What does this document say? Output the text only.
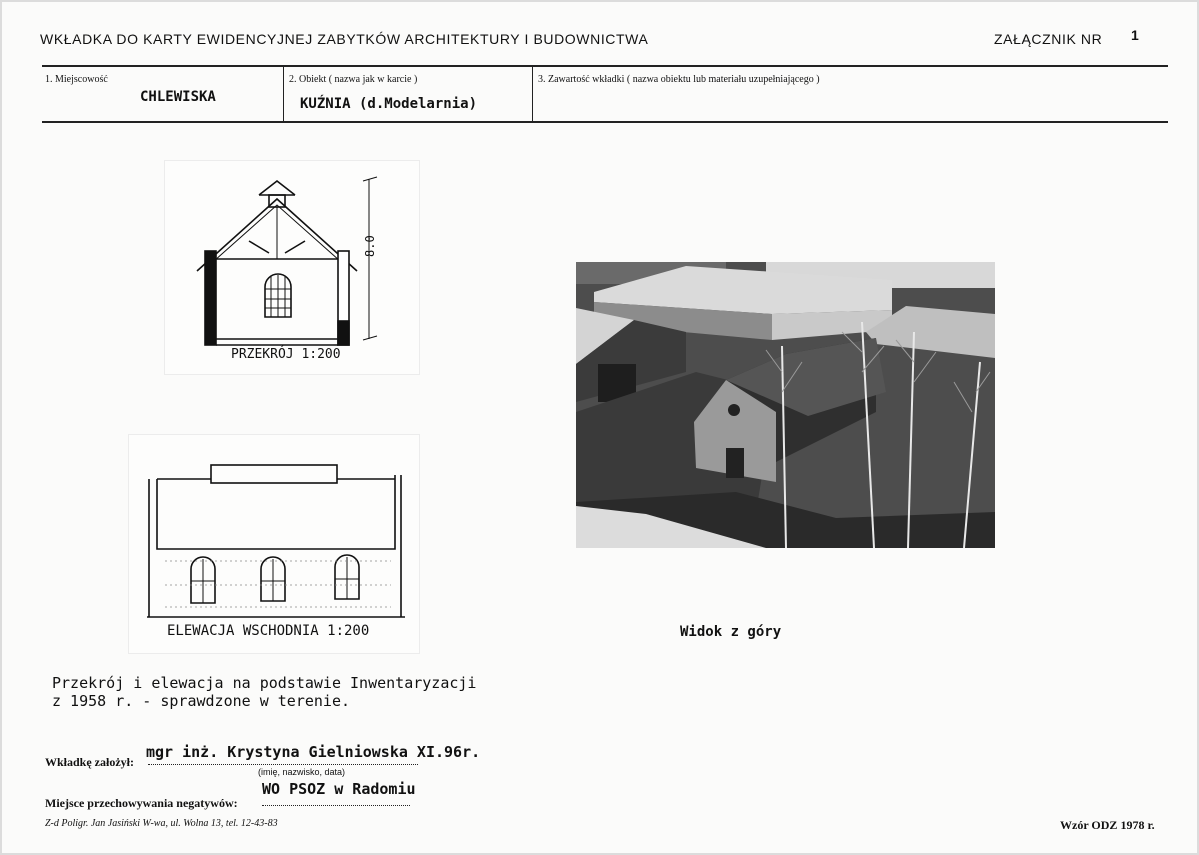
WKŁADKA DO KARTY EWIDENCYJNEJ ZABYTKÓW ARCHITEKTURY I BUDOWNICTWA	ZAŁĄCZNIK NR 1
1. Miejscowość
CHLEWISKA
2. Obiekt ( nazwa jak w karcie )
KUŹNIA (d.Modelarnia)
3. Zawartość wkładki ( nazwa obiektu lub materiału uzupełniającego )
8.0
PRZEKRÓJ 1:200
ELEWACJA WSCHODNIA 1:200	Widok z góry
Przekrój i elewacja na podstawie Inwentaryzacji
z 1958 r. - sprawdzone w terenie.
Wkładkę założył:
mgr inż. Krystyna Gielniowska XI.96r.
(imię, nazwisko, data)
Miejsce przechowywania negatywów:
WO PSOZ w Radomiu
Z-d Poligr. Jan Jasiński W-wa, ul. Wolna 13, tel. 12-43-83	Wzór ODZ 1978 r.
